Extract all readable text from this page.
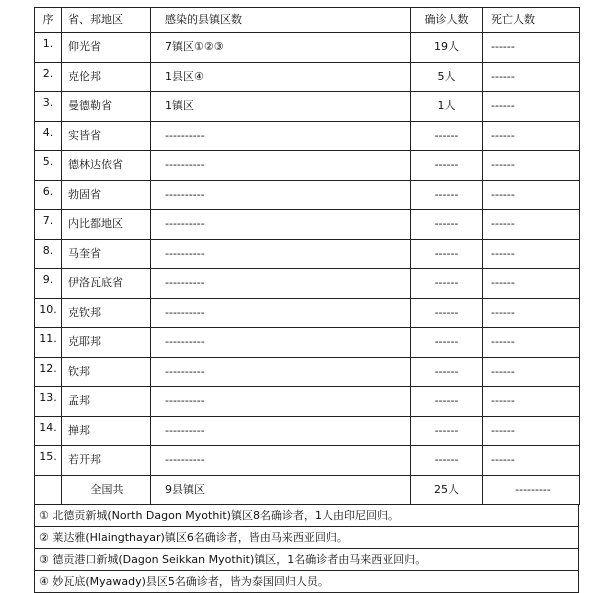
序	省、邦地区	感染的县镇区数	确诊人数	死亡人数
1.	仰光省	7镇区①②③	19人	------
2.	克伦邦	1县区④	5人	------
3.	曼德勒省	1镇区	1人	------
4.	实皆省	----------	------	------
5.	德林达依省	----------	------	------
6.	勃固省	----------	------	------
7.	内比都地区	----------	------	------
8.	马奎省	----------	------	------
9.	伊洛瓦底省	----------	------	------
10.	克钦邦	----------	------	------
11.	克耶邦	----------	------	------
12.	钦邦	----------	------	------
13.	孟邦	----------	------	------
14.	掸邦	----------	------	------
15.	若开邦	----------	------	------
	全国共	9县镇区	25人	---------
① 北德贡新城(North Dagon Myothit)镇区8名确诊者，1人由印尼回归。
② 莱达雅(Hlaingthayar)镇区6名确诊者，皆由马来西亚回归。
③ 德贡港口新城(Dagon Seikkan Myothit)镇区，1名确诊者由马来西亚回归。
④ 妙瓦底(Myawady)县区5名确诊者，皆为泰国回归人员。
